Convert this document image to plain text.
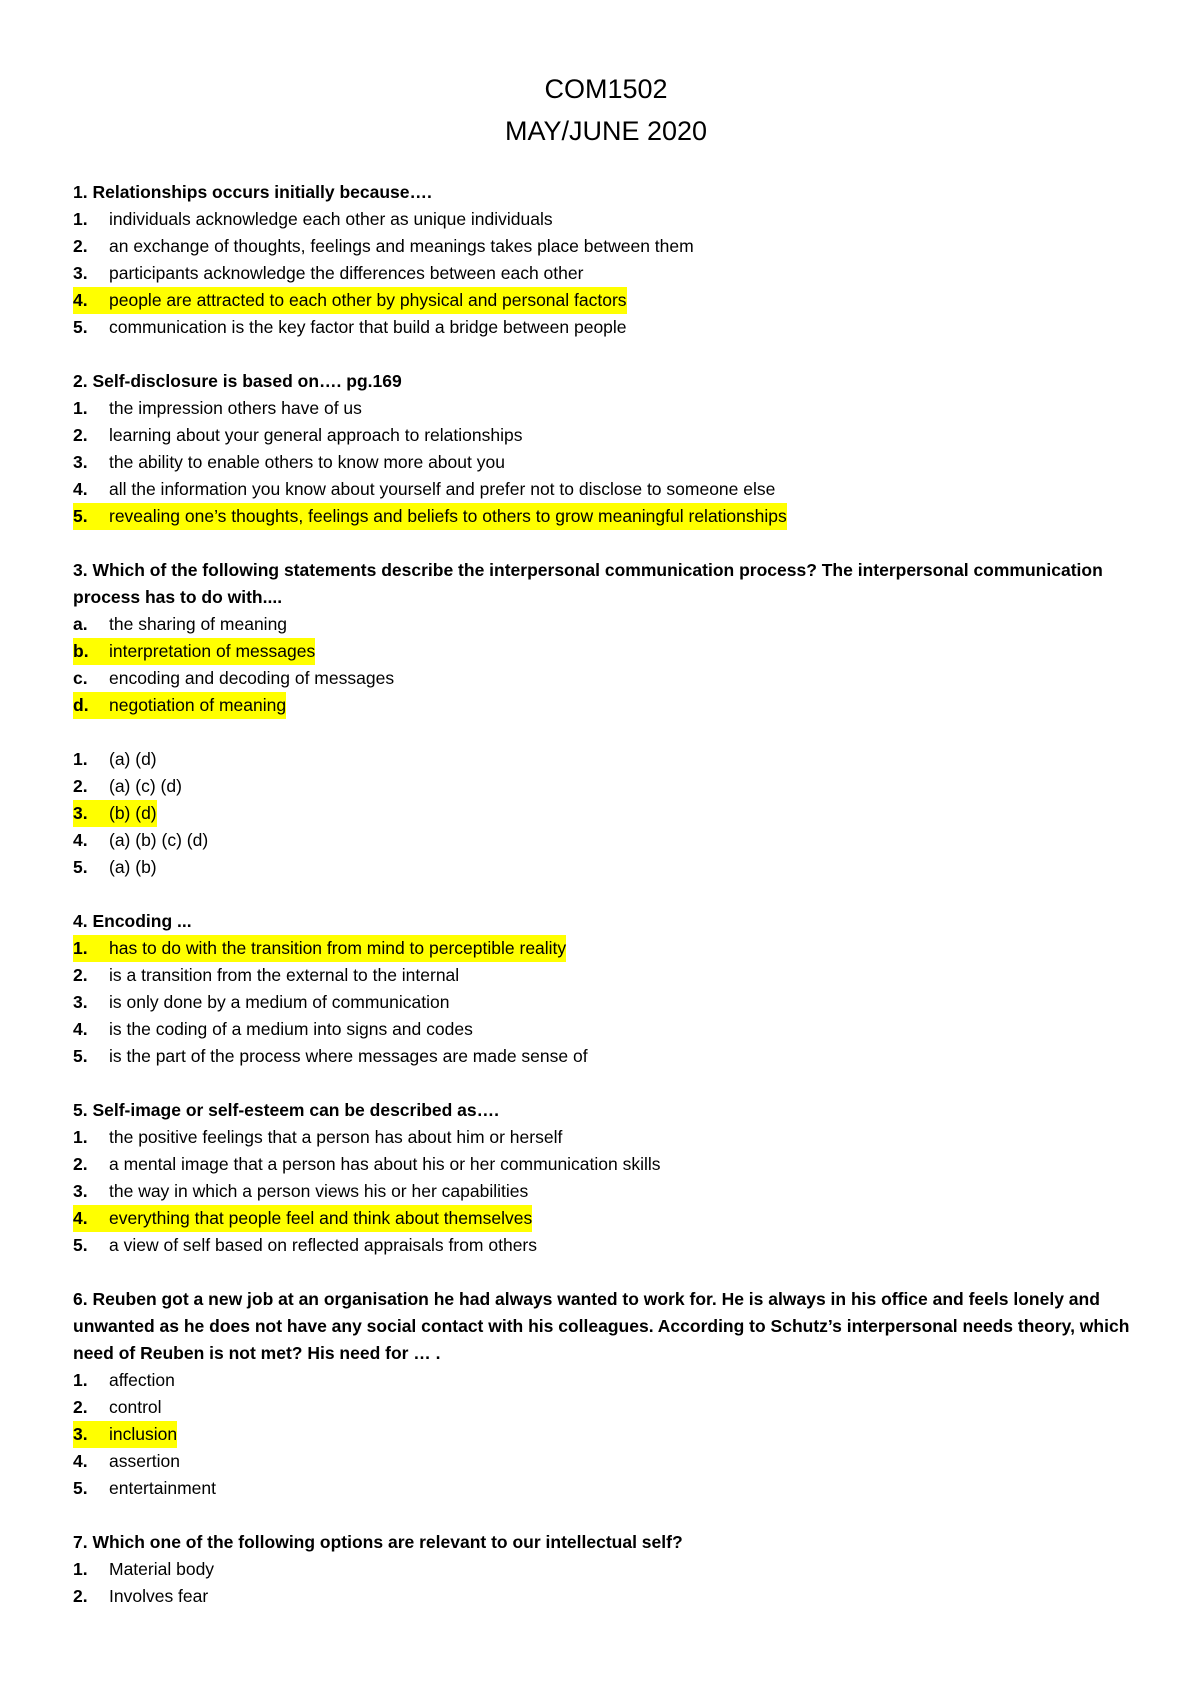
COM1502
MAY/JUNE 2020

1. Relationships occurs initially because….

1.	individuals acknowledge each other as unique individuals
2.	an exchange of thoughts, feelings and meanings takes place between them
3.	participants acknowledge the differences between each other
4.	people are attracted to each other by physical and personal factors
5.	communication is the key factor that build a bridge between people

2. Self-disclosure is based on…. pg.169

1.	the impression others have of us
2.	learning about your general approach to relationships
3.	the ability to enable others to know more about you
4.	all the information you know about yourself and prefer not to disclose to someone else
5.	revealing one’s thoughts, feelings and beliefs to others to grow meaningful relationships

3. Which of the following statements describe the interpersonal communication process? The interpersonal communication process has to do with....

a.	the sharing of meaning
b.	interpretation of messages
c.	encoding and decoding of messages
d.	negotiation of meaning
1.	(a) (d)
2.	(a) (c) (d)
3.	(b) (d)
4.	(a) (b) (c) (d)
5.	(a) (b)

4. Encoding ...

1.	has to do with the transition from mind to perceptible reality
2.	is a transition from the external to the internal
3.	is only done by a medium of communication
4.	is the coding of a medium into signs and codes
5.	is the part of the process where messages are made sense of

5. Self-image or self-esteem can be described as….

1.	the positive feelings that a person has about him or herself
2.	a mental image that a person has about his or her communication skills
3.	the way in which a person views his or her capabilities
4.	everything that people feel and think about themselves
5.	a view of self based on reflected appraisals from others

6. Reuben got a new job at an organisation he had always wanted to work for. He is always in his office and feels lonely and unwanted as he does not have any social contact with his colleagues. According to Schutz’s interpersonal needs theory, which need of Reuben is not met? His need for … .

1.	affection
2.	control
3.	inclusion
4.	assertion
5.	entertainment

7. Which one of the following options are relevant to our intellectual self?

1.	Material body
2.	Involves fear
